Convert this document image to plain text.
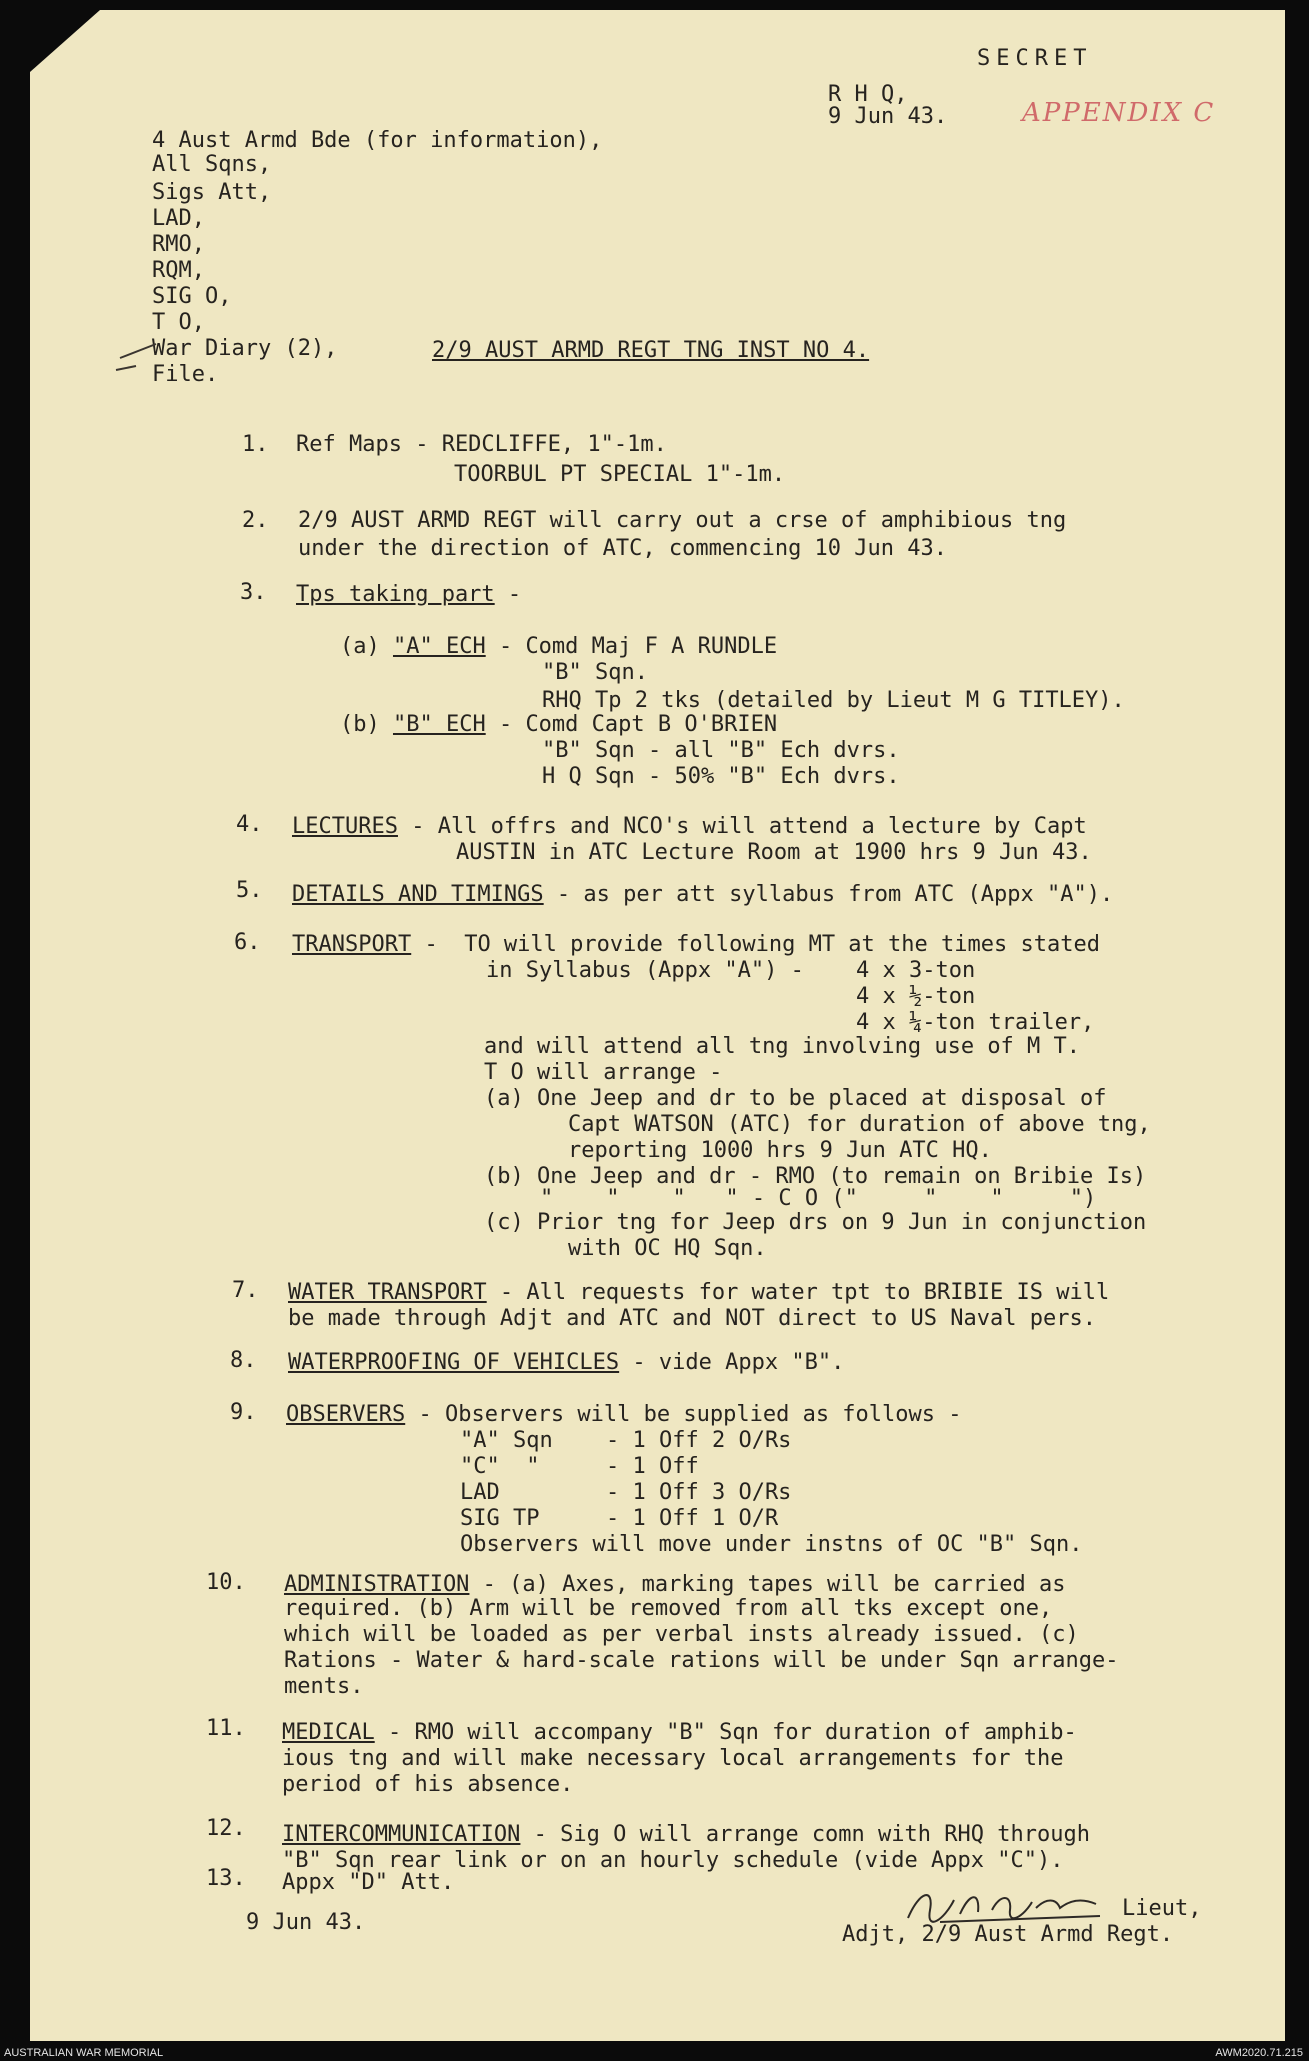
SECRET
R H Q,
9 Jun 43.	APPENDIX C
4 Aust Armd Bde (for information),
All Sqns,
Sigs Att,
LAD,
RMO,
RQM,
SIG O,
T O,
War Diary (2),
File.
2/9 AUST ARMD REGT TNG INST NO 4.
1. Ref Maps - REDCLIFFE, 1"-1m.
TOORBUL PT SPECIAL 1"-1m.
2. 2/9 AUST ARMD REGT will carry out a crse of amphibious tng
under the direction of ATC, commencing 10 Jun 43.
3. Tps taking part -
(a) "A" ECH - Comd Maj F A RUNDLE
"B" Sqn.
RHQ Tp 2 tks (detailed by Lieut M G TITLEY).
(b) "B" ECH - Comd Capt B O'BRIEN
"B" Sqn - all "B" Ech dvrs.
H Q Sqn - 50% "B" Ech dvrs.
4. LECTURES - All offrs and NCO's will attend a lecture by Capt
AUSTIN in ATC Lecture Room at 1900 hrs 9 Jun 43.
5. DETAILS AND TIMINGS - as per att syllabus from ATC (Appx "A").
6. TRANSPORT -  TO will provide following MT at the times stated
in Syllabus (Appx "A") - 4 x 3-ton
4 x ½-ton
4 x ¼-ton trailer,
and will attend all tng involving use of M T.
T O will arrange -
(a) One Jeep and dr to be placed at disposal of
Capt WATSON (ATC) for duration of above tng,
reporting 1000 hrs 9 Jun ATC HQ.
(b) One Jeep and dr - RMO (to remain on Bribie Is)
"    "    "   " - C O ("     "    "     ")
(c) Prior tng for Jeep drs on 9 Jun in conjunction
with OC HQ Sqn.
7. WATER TRANSPORT - All requests for water tpt to BRIBIE IS will
be made through Adjt and ATC and NOT direct to US Naval pers.
8. WATERPROOFING OF VEHICLES - vide Appx "B".
9. OBSERVERS - Observers will be supplied as follows -
"A" Sqn - 1 Off 2 O/Rs
"C"  "	- 1 Off
LAD	- 1 Off 3 O/Rs
SIG TP	- 1 Off 1 O/R
Observers will move under instns of OC "B" Sqn.
10. ADMINISTRATION - (a) Axes, marking tapes will be carried as
required. (b) Arm will be removed from all tks except one,
which will be loaded as per verbal insts already issued. (c)
Rations - Water & hard-scale rations will be under Sqn arrange-
ments.
11. MEDICAL - RMO will accompany "B" Sqn for duration of amphib-
ious tng and will make necessary local arrangements for the
period of his absence.
12. INTERCOMMUNICATION - Sig O will arrange comn with RHQ through
"B" Sqn rear link or on an hourly schedule (vide Appx "C").
13. Appx "D" Att.
9 Jun 43.
Lieut,
Adjt, 2/9 Aust Armd Regt.
AUSTRALIAN WAR MEMORIAL	AWM2020.71.215
